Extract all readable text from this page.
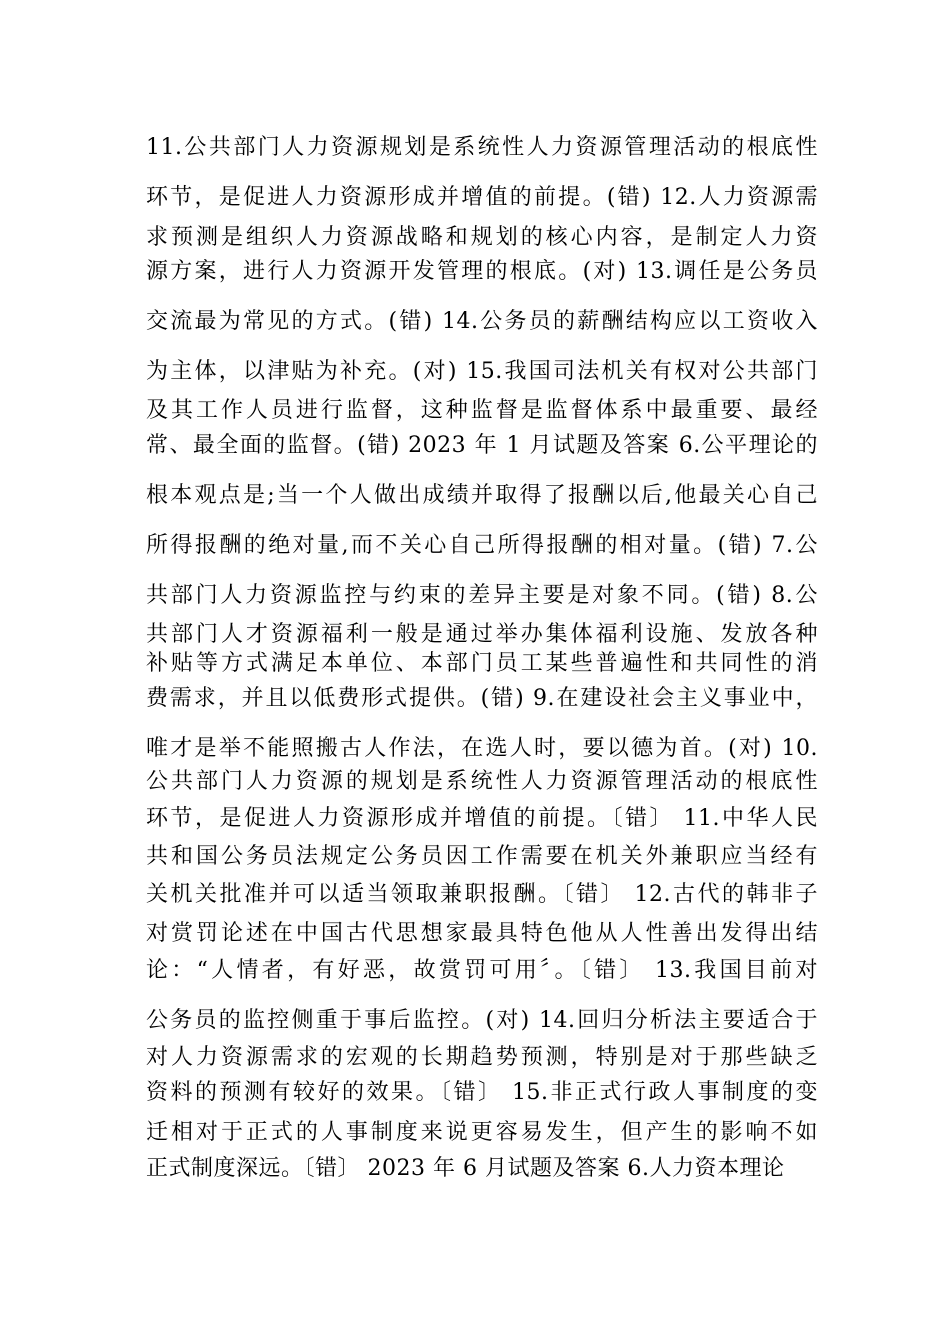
11.公共部门人力资源规划是系统性人力资源管理活动的根底性
环节，是促进人力资源形成并增值的前提。(错) 12.人力资源需
求预测是组织人力资源战略和规划的核心内容，是制定人力资
源方案，进行人力资源开发管理的根底。(对) 13.调任是公务员
交流最为常见的方式。(错) 14.公务员的薪酬结构应以工资收入
为主体，以津贴为补充。(对) 15.我国司法机关有权对公共部门
及其工作人员进行监督，这种监督是监督体系中最重要、最经
常、最全面的监督。(错) 2023 年 1 月试题及答案 6.公平理论的
根本观点是;当一个人做出成绩并取得了报酬以后,他最关心自己
所得报酬的绝对量,而不关心自己所得报酬的相对量。(错) 7.公
共部门人力资源监控与约束的差异主要是对象不同。(错) 8.公
共部门人才资源福利一般是通过举办集体福利设施、发放各种
补贴等方式满足本单位、本部门员工某些普遍性和共同性的消
费需求，并且以低费形式提供。(错) 9.在建设社会主义事业中，
唯才是举不能照搬古人作法，在选人时，要以德为首。(对) 10.
公共部门人力资源的规划是系统性人力资源管理活动的根底性
环节，是促进人力资源形成并增值的前提。〔错〕 11.中华人民
共和国公务员法规定公务员因工作需要在机关外兼职应当经有
关机关批准并可以适当领取兼职报酬。〔错〕 12.古代的韩非子
对赏罚论述在中国古代思想家最具特色他从人性善出发得出结
论：“人情者，有好恶，故赏罚可用〞。〔错〕 13.我国目前对
公务员的监控侧重于事后监控。(对) 14.回归分析法主要适合于
对人力资源需求的宏观的长期趋势预测，特别是对于那些缺乏
资料的预测有较好的效果。〔错〕 15.非正式行政人事制度的变
迁相对于正式的人事制度来说更容易发生，但产生的影响不如
正式制度深远。〔错〕 2023 年 6 月试题及答案 6.人力资本理论
